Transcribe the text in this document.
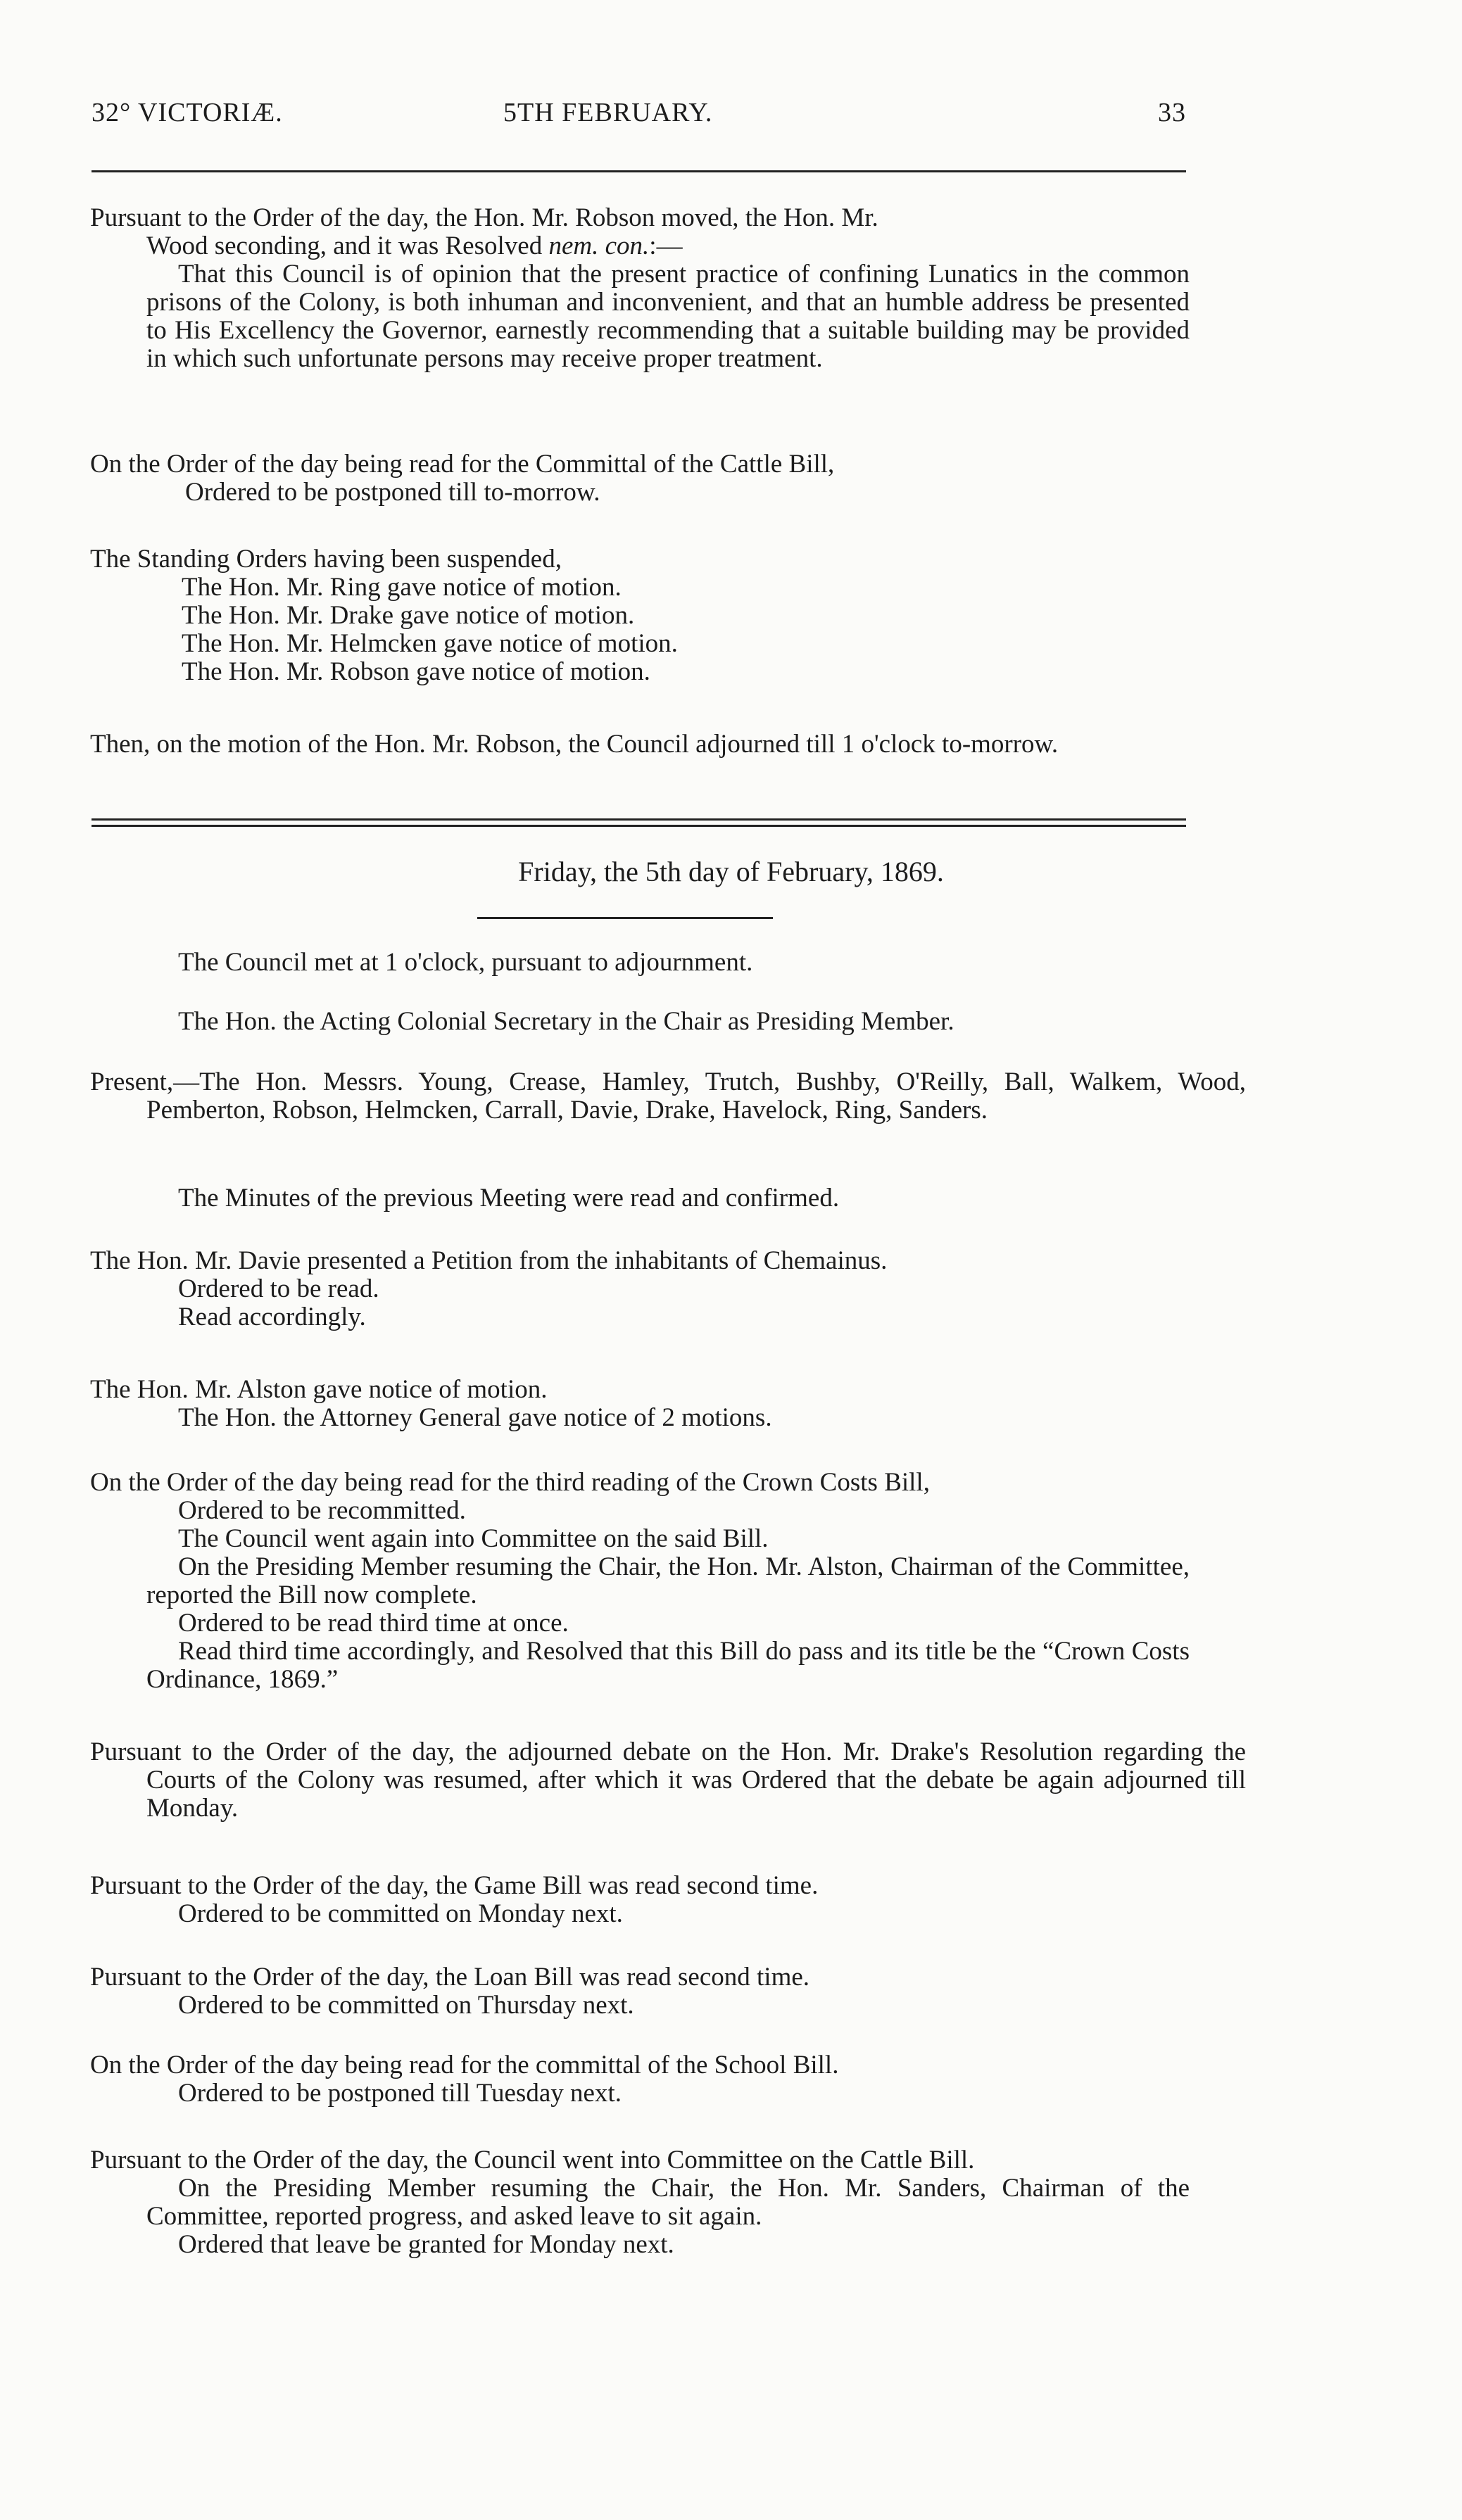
32° VICTORIÆ.	5TH FEBRUARY.	33

Pursuant to the Order of the day, the Hon. Mr. Robson moved, the Hon. Mr.

Wood seconding, and it was Resolved nem. con.:—

That this Council is of opinion that the present practice of confining Lunatics in the common prisons of the Colony, is both inhuman and inconvenient, and that an humble address be presented to His Excellency the Governor, earnestly recommending that a suitable building may be provided in which such unfortunate persons may receive proper treatment.

On the Order of the day being read for the Committal of the Cattle Bill,

Ordered to be postponed till to-morrow.

The Standing Orders having been suspended,

The Hon. Mr. Ring gave notice of motion.

The Hon. Mr. Drake gave notice of motion.

The Hon. Mr. Helmcken gave notice of motion.

The Hon. Mr. Robson gave notice of motion.

Then, on the motion of the Hon. Mr. Robson, the Council adjourned till 1 o'clock to-morrow.
Friday, the 5th day of February, 1869.
The Council met at 1 o'clock, pursuant to adjournment.
The Hon. the Acting Colonial Secretary in the Chair as Presiding Member.
Present,—The Hon. Messrs. Young, Crease, Hamley, Trutch, Bushby, O'Reilly, Ball, Walkem, Wood, Pemberton, Robson, Helmcken, Carrall, Davie, Drake, Havelock, Ring, Sanders.
The Minutes of the previous Meeting were read and confirmed.

The Hon. Mr. Davie presented a Petition from the inhabitants of Chemainus.

Ordered to be read.

Read accordingly.

The Hon. Mr. Alston gave notice of motion.

The Hon. the Attorney General gave notice of 2 motions.

On the Order of the day being read for the third reading of the Crown Costs Bill,

Ordered to be recommitted.

The Council went again into Committee on the said Bill.

On the Presiding Member resuming the Chair, the Hon. Mr. Alston, Chairman of the Committee, reported the Bill now complete.

Ordered to be read third time at once.

Read third time accordingly, and Resolved that this Bill do pass and its title be the “Crown Costs Ordinance, 1869.”

Pursuant to the Order of the day, the adjourned debate on the Hon. Mr. Drake's Resolution regarding the Courts of the Colony was resumed, after which it was Ordered that the debate be again adjourned till Monday.

Pursuant to the Order of the day, the Game Bill was read second time.

Ordered to be committed on Monday next.

Pursuant to the Order of the day, the Loan Bill was read second time.

Ordered to be committed on Thursday next.

On the Order of the day being read for the committal of the School Bill.

Ordered to be postponed till Tuesday next.

Pursuant to the Order of the day, the Council went into Committee on the Cattle Bill.

On the Presiding Member resuming the Chair, the Hon. Mr. Sanders, Chairman of the Committee, reported progress, and asked leave to sit again.

Ordered that leave be granted for Monday next.
